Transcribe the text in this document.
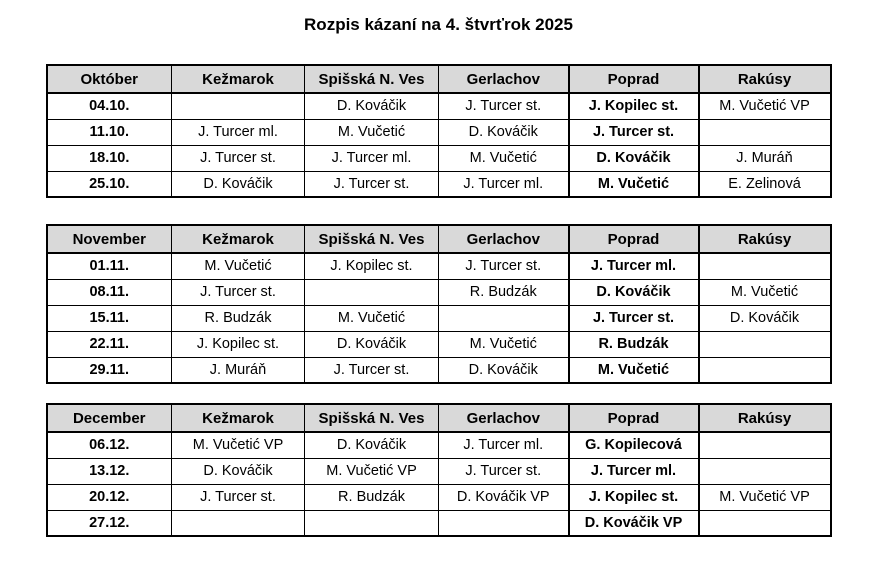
Rozpis kázaní na 4. štvrťrok 2025
Október	Kežmarok	Spišská N. Ves	Gerlachov	Poprad	Rakúsy
04.10.		D. Kováčik	J. Turcer st.	J. Kopilec st.	M. Vučetić VP
11.10.	J. Turcer ml.	M. Vučetić	D. Kováčik	J. Turcer st.	
18.10.	J. Turcer st.	J. Turcer ml.	M. Vučetić	D. Kováčik	J. Muráň
25.10.	D. Kováčik	J. Turcer st.	J. Turcer ml.	M. Vučetić	E. Zelinová
November	Kežmarok	Spišská N. Ves	Gerlachov	Poprad	Rakúsy
01.11.	M. Vučetić	J. Kopilec st.	J. Turcer st.	J. Turcer ml.	
08.11.	J. Turcer st.		R. Budzák	D. Kováčik	M. Vučetić
15.11.	R. Budzák	M. Vučetić		J. Turcer st.	D. Kováčik
22.11.	J. Kopilec st.	D. Kováčik	M. Vučetić	R. Budzák	
29.11.	J. Muráň	J. Turcer st.	D. Kováčik	M. Vučetić	
December	Kežmarok	Spišská N. Ves	Gerlachov	Poprad	Rakúsy
06.12.	M. Vučetić VP	D. Kováčik	J. Turcer ml.	G. Kopilecová	
13.12.	D. Kováčik	M. Vučetić VP	J. Turcer st.	J. Turcer ml.	
20.12.	J. Turcer st.	R. Budzák	D. Kováčik VP	J. Kopilec st.	M. Vučetić VP
27.12.				D. Kováčik VP	
